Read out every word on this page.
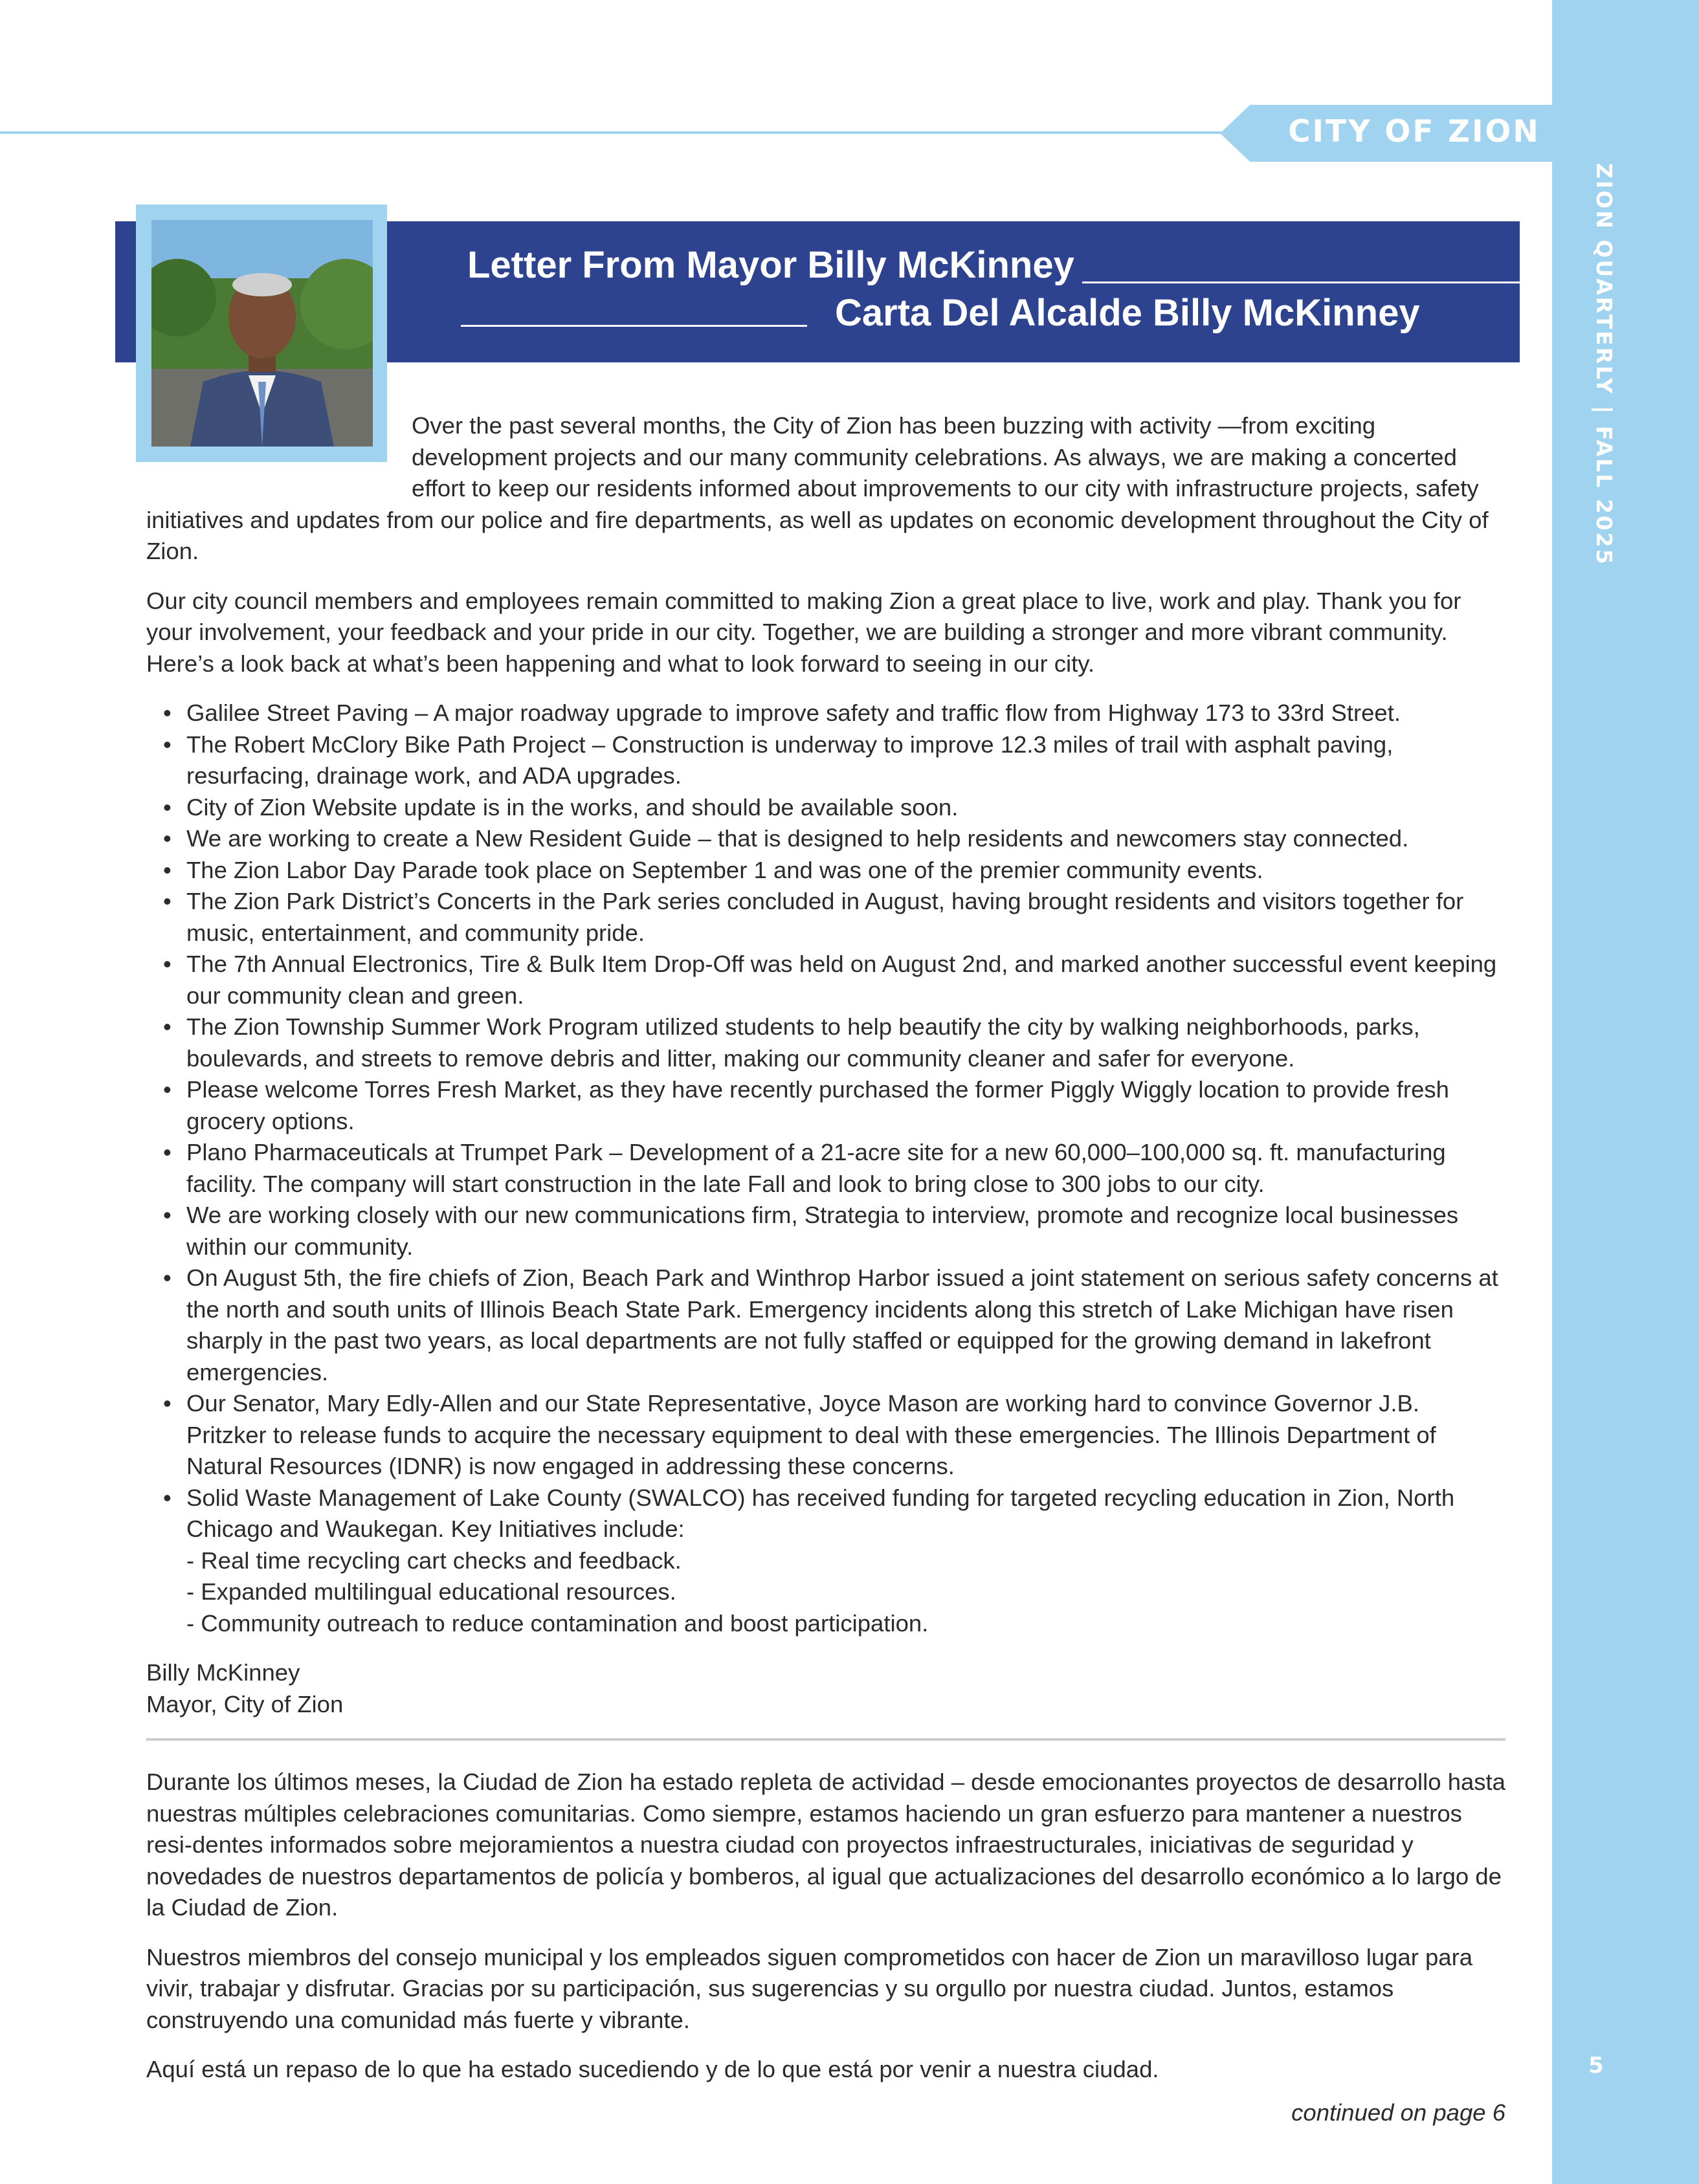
ZION QUARTERLY|FALL 2025
5
CITY OF ZION
Letter From Mayor Billy McKinney
Carta Del Alcalde Billy McKinney

Over the past several months, the City of Zion has been buzzing with activity —from exciting development projects and our many community celebrations. As always, we are making a concerted effort to keep our residents informed about improvements to our city with infrastructure projects, safety initiatives and updates from our police and fire departments, as well as updates on economic development throughout the City of Zion.

Our city council members and employees remain committed to making Zion a great place to live, work and play. Thank you for your involvement, your feedback and your pride in our city. Together, we are building a stronger and more vibrant community. Here’s a look back at what’s been happening and what to look forward to seeing in our city.

• Galilee Street Paving – A major roadway upgrade to improve safety and traffic flow from Highway 173 to 33rd Street.
• The Robert McClory Bike Path Project – Construction is underway to improve 12.3 miles of trail with asphalt paving, resurfacing, drainage work, and ADA upgrades.
• City of Zion Website update is in the works, and should be available soon.
• We are working to create a New Resident Guide – that is designed to help residents and newcomers stay connected.
• The Zion Labor Day Parade took place on September 1 and was one of the premier community events.
• The Zion Park District’s Concerts in the Park series concluded in August, having brought residents and visitors together for music, entertainment, and community pride.
• The 7th Annual Electronics, Tire & Bulk Item Drop-Off was held on August 2nd, and marked another successful event keeping our community clean and green.
• The Zion Township Summer Work Program utilized students to help beautify the city by walking neighborhoods, parks, boulevards, and streets to remove debris and litter, making our community cleaner and safer for everyone.
• Please welcome Torres Fresh Market, as they have recently purchased the former Piggly Wiggly location to provide fresh grocery options.
• Plano Pharmaceuticals at Trumpet Park – Development of a 21-acre site for a new 60,000–100,000 sq. ft. manufacturing facility. The company will start construction in the late Fall and look to bring close to 300 jobs to our city.
• We are working closely with our new communications firm, Strategia to interview, promote and recognize local businesses within our community.
• On August 5th, the fire chiefs of Zion, Beach Park and Winthrop Harbor issued a joint statement on serious safety concerns at the north and south units of Illinois Beach State Park. Emergency incidents along this stretch of Lake Michigan have risen sharply in the past two years, as local departments are not fully staffed or equipped for the growing demand in lakefront emergencies.
• Our Senator, Mary Edly-Allen and our State Representative, Joyce Mason are working hard to convince Governor J.B. Pritzker to release funds to acquire the necessary equipment to deal with these emergencies. The Illinois Department of Natural Resources (IDNR) is now engaged in addressing these concerns.
• Solid Waste Management of Lake County (SWALCO) has received funding for targeted recycling education in Zion, North Chicago and Waukegan. Key Initiatives include:
- Real time recycling cart checks and feedback.
- Expanded multilingual educational resources.
- Community outreach to reduce contamination and boost participation.
Billy McKinney
Mayor, City of Zion

Durante los últimos meses, la Ciudad de Zion ha estado repleta de actividad – desde emocionantes proyectos de desarrollo hasta nuestras múltiples celebraciones comunitarias. Como siempre, estamos haciendo un gran esfuerzo para mantener a nuestros resi-dentes informados sobre mejoramientos a nuestra ciudad con proyectos infraestructurales, iniciativas de seguridad y novedades de nuestros departamentos de policía y bomberos, al igual que actualizaciones del desarrollo económico a lo largo de la Ciudad de Zion.

Nuestros miembros del consejo municipal y los empleados siguen comprometidos con hacer de Zion un maravilloso lugar para vivir, trabajar y disfrutar. Gracias por su participación, sus sugerencias y su orgullo por nuestra ciudad. Juntos, estamos construyendo una comunidad más fuerte y vibrante.

Aquí está un repaso de lo que ha estado sucediendo y de lo que está por venir a nuestra ciudad.

continued on page 6
